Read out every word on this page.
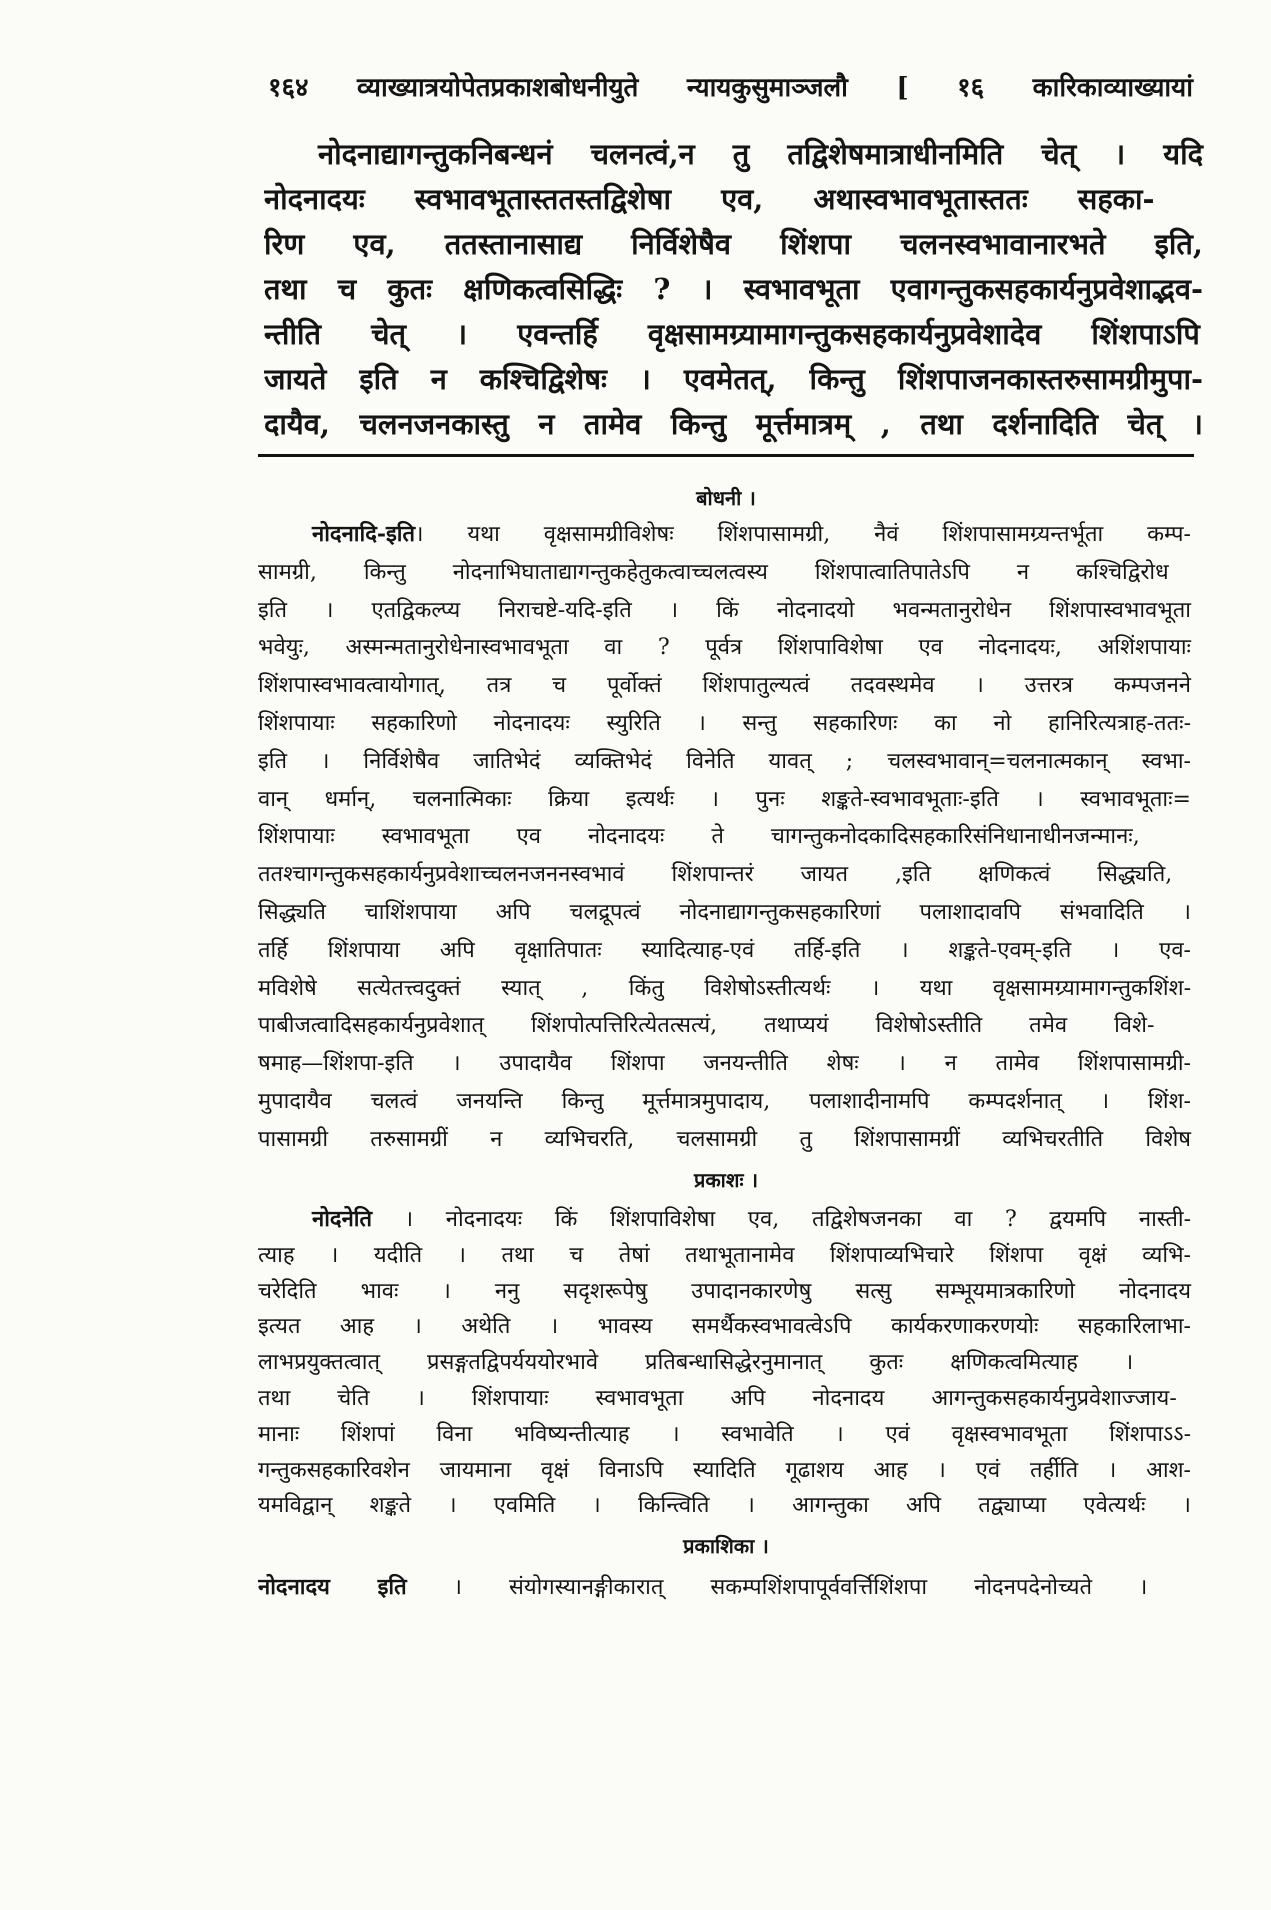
१६४ व्याख्यात्रयोपेतप्रकाशबोधनीयुते न्यायकुसुमाञ्जलौ [ १६ कारिकाव्याख्यायां
नोदनाद्यागन्तुकनिबन्धनं चलनत्वं,न तु तद्विशेषमात्राधीनमिति चेत् । यदि
नोदनादयः स्वभावभूतास्ततस्तद्विशेषा एव, अथास्वभावभूतास्ततः सहका-
रिण एव, ततस्तानासाद्य निर्विशेषैव शिंशपा चलनस्वभावानारभते इति,
तथा च कुतः क्षणिकत्वसिद्धिः ? । स्वभावभूता एवागन्तुकसहकार्यनुप्रवेशाद्भव-
न्तीति चेत् । एवन्तर्हि वृक्षसामग्र्यामागन्तुकसहकार्यनुप्रवेशादेव शिंशपाऽपि
जायते इति न कश्चिद्विशेषः । एवमेतत्, किन्तु शिंशपाजनकास्तरुसामग्रीमुपा-
दायैव, चलनजनकास्तु न तामेव किन्तु मूर्त्तमात्रम् , तथा दर्शनादिति चेत् ।
बोधनी ।
नोदनादि-इति। यथा वृक्षसामग्रीविशेषः शिंशपासामग्री, नैवं शिंशपासामग्र्यन्तर्भूता कम्प-
सामग्री, किन्तु नोदनाभिघाताद्यागन्तुकहेतुकत्वाच्चलत्वस्य शिंशपात्वातिपातेऽपि न कश्चिद्विरोध
इति । एतद्विकल्प्य निराचष्टे-यदि-इति । किं नोदनादयो भवन्मतानुरोधेन शिंशपास्वभावभूता
भवेयुः, अस्मन्मतानुरोधेनास्वभावभूता वा ? पूर्वत्र शिंशपाविशेषा एव नोदनादयः, अशिंशपायाः
शिंशपास्वभावत्वायोगात्, तत्र च पूर्वोक्तं शिंशपातुल्यत्वं तदवस्थमेव । उत्तरत्र कम्पजनने
शिंशपायाः सहकारिणो नोदनादयः स्युरिति । सन्तु सहकारिणः का नो हानिरित्यत्राह-ततः-
इति । निर्विशेषैव जातिभेदं व्यक्तिभेदं विनेति यावत् ; चलस्वभावान्=चलनात्मकान् स्वभा-
वान् धर्मान्, चलनात्मिकाः क्रिया इत्यर्थः । पुनः शङ्कते-स्वभावभूताः-इति । स्वभावभूताः=
शिंशपायाः स्वभावभूता एव नोदनादयः ते चागन्तुकनोदकादिसहकारिसंनिधानाधीनजन्मानः,
ततश्चागन्तुकसहकार्यनुप्रवेशाच्चलनजननस्वभावं शिंशपान्तरं जायत ,इति क्षणिकत्वं सिद्ध्यति,
सिद्ध्यति चाशिंशपाया अपि चलद्रूपत्वं नोदनाद्यागन्तुकसहकारिणां पलाशादावपि संभवादिति ।
तर्हि शिंशपाया अपि वृक्षातिपातः स्यादित्याह-एवं तर्हि-इति । शङ्कते-एवम्-इति । एव-
मविशेषे सत्येतत्त्वदुक्तं स्यात् , किंतु विशेषोऽस्तीत्यर्थः । यथा वृक्षसामग्र्यामागन्तुकशिंश-
पाबीजत्वादिसहकार्यनुप्रवेशात् शिंशपोत्पत्तिरित्येतत्सत्यं, तथाप्ययं विशेषोऽस्तीति तमेव विशे-
षमाह—शिंशपा-इति । उपादायैव शिंशपा जनयन्तीति शेषः । न तामेव शिंशपासामग्री-
मुपादायैव चलत्वं जनयन्ति किन्तु मूर्त्तमात्रमुपादाय, पलाशादीनामपि कम्पदर्शनात् । शिंश-
पासामग्री तरुसामग्रीं न व्यभिचरति, चलसामग्री तु शिंशपासामग्रीं व्यभिचरतीति विशेष
प्रकाशः ।
नोदनेति । नोदनादयः किं शिंशपाविशेषा एव, तद्विशेषजनका वा ? द्वयमपि नास्ती-
त्याह । यदीति । तथा च तेषां तथाभूतानामेव शिंशपाव्यभिचारे शिंशपा वृक्षं व्यभि-
चरेदिति भावः । ननु सदृशरूपेषु उपादानकारणेषु सत्सु सम्भूयमात्रकारिणो नोदनादय
इत्यत आह । अथेति । भावस्य समर्थैकस्वभावत्वेऽपि कार्यकरणाकरणयोः सहकारिलाभा-
लाभप्रयुक्तत्वात् प्रसङ्गतद्विपर्यययोरभावे प्रतिबन्धासिद्धेरनुमानात् कुतः क्षणिकत्वमित्याह ।
तथा चेति । शिंशपायाः स्वभावभूता अपि नोदनादय आगन्तुकसहकार्यनुप्रवेशाज्जाय-
मानाः शिंशपां विना भविष्यन्तीत्याह । स्वभावेति । एवं वृक्षस्वभावभूता शिंशपाऽऽ-
गन्तुकसहकारिवशेन जायमाना वृक्षं विनाऽपि स्यादिति गूढाशय आह । एवं तर्हीति । आश-
यमविद्वान् शङ्कते । एवमिति । किन्त्विति । आगन्तुका अपि तद्व्याप्या एवेत्यर्थः ।
प्रकाशिका ।
नोदनादय इति । संयोगस्यानङ्गीकारात् सकम्पशिंशपापूर्ववर्त्तिशिंशपा नोदनपदेनोच्यते ।
